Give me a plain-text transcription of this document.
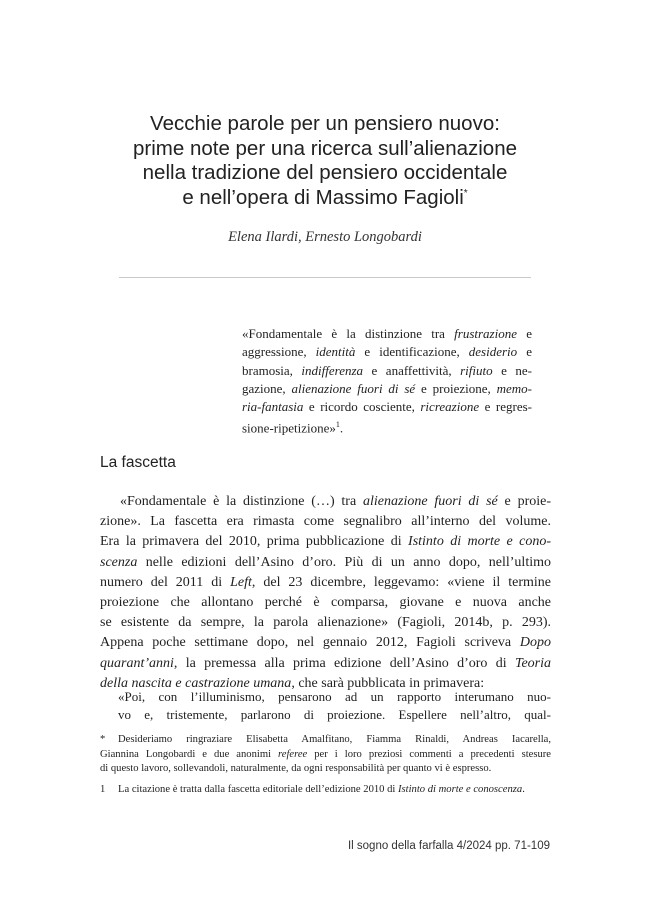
Vecchie parole per un pensiero nuovo:
prime note per una ricerca sull’alienazione
nella tradizione del pensiero occidentale
e nell’opera di Massimo Fagioli*
Elena Ilardi, Ernesto Longobardi
«Fondamentale è la distinzione tra frustrazione e
aggressione, identità e identificazione, desiderio e
bramosia, indifferenza e anaffettività, rifiuto e ne-
gazione, alienazione fuori di sé e proiezione, memo-
ria-fantasia e ricordo cosciente, ricreazione e regres-
sione-ripetizione»$^1$.
La fascetta
«Fondamentale è la distinzione (…) tra alienazione fuori di sé e proie-
zione». La fascetta era rimasta come segnalibro all’interno del volume.
Era la primavera del 2010, prima pubblicazione di Istinto di morte e cono-
scenza nelle edizioni dell’Asino d’oro. Più di un anno dopo, nell’ultimo
numero del 2011 di Left, del 23 dicembre, leggevamo: «viene il termine
proiezione che allontano perché è comparsa, giovane e nuova anche
se esistente da sempre, la parola alienazione» (Fagioli, 2014b, p. 293).
Appena poche settimane dopo, nel gennaio 2012, Fagioli scriveva Dopo
quarant’anni, la premessa alla prima edizione dell’Asino d’oro di Teoria
della nascita e castrazione umana, che sarà pubblicata in primavera:
«Poi, con l’illuminismo, pensarono ad un rapporto interumano nuo-
vo e, tristemente, parlarono di proiezione. Espellere nell’altro, qual-
* Desideriamo ringraziare Elisabetta Amalfitano, Fiamma Rinaldi, Andreas Iacarella,
Giannina Longobardi e due anonimi referee per i loro preziosi commenti a precedenti stesure
di questo lavoro, sollevandoli, naturalmente, da ogni responsabilità per quanto vi è espresso.
1 La citazione è tratta dalla fascetta editoriale dell’edizione 2010 di Istinto di morte e conoscenza.
Il sogno della farfalla 4/2024 pp. 71-109
